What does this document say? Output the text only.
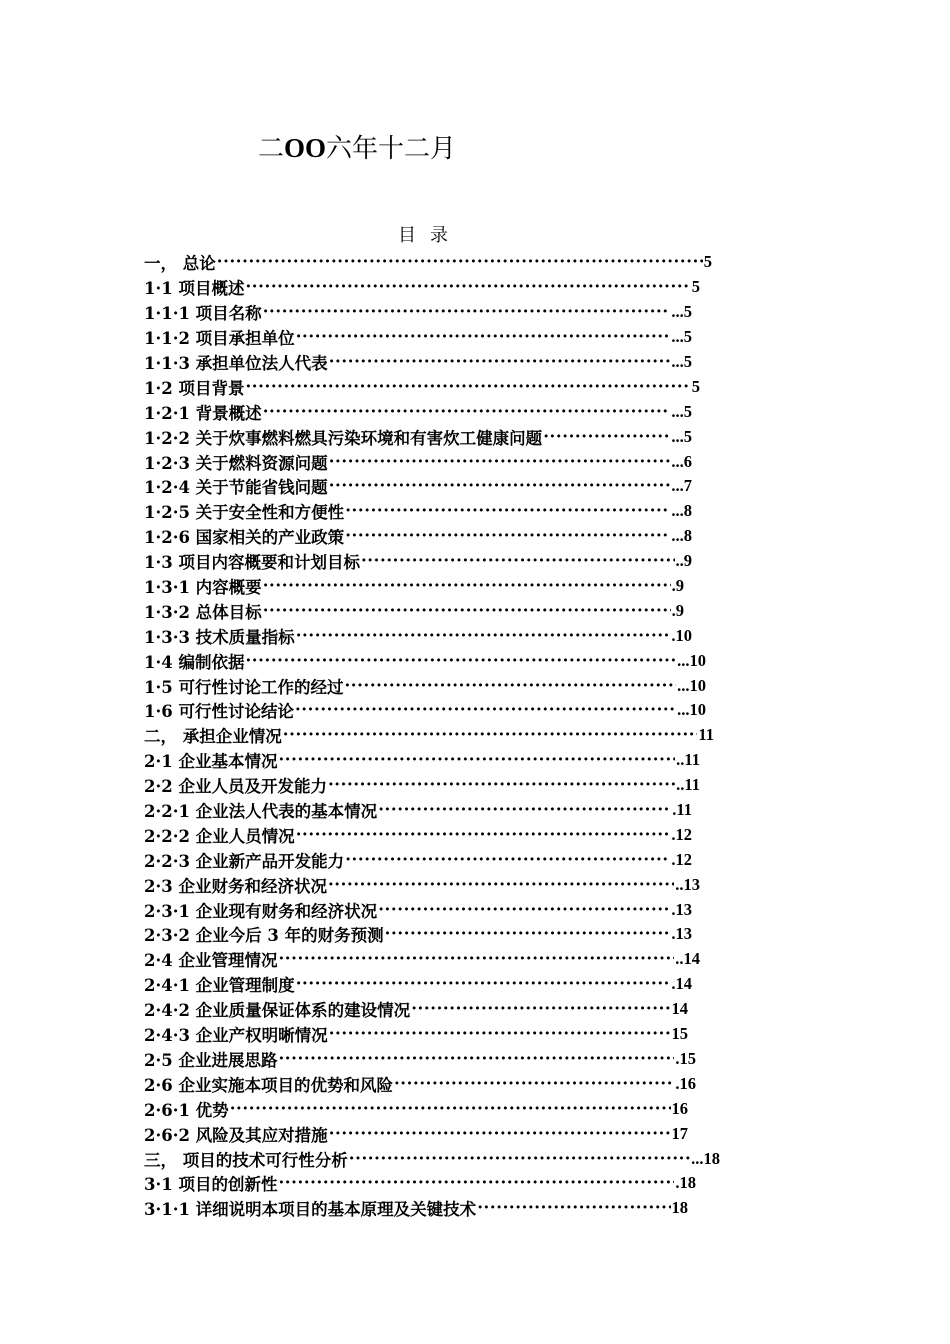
二OO六年十二月
目录
一， 总论 ·····	5
1·1 项目概述 ·····	5
1·1·1 项目名称 ·····	...5
1·1·2 项目承担单位 ·····	...5
1·1·3 承担单位法人代表 ·····	...5
1·2 项目背景 ·····	5
1·2·1 背景概述 ·····	...5
1·2·2 关于炊事燃料燃具污染环境和有害炊工健康问题 ·····	...5
1·2·3 关于燃料资源问题 ·····	...6
1·2·4 关于节能省钱问题 ·····	...7
1·2·5 关于安全性和方便性 ·····	...8
1·2·6 国家相关的产业政策 ·····	...8
1·3 项目内容概要和计划目标 ·····	..9
1·3·1 内容概要 ·····	.9
1·3·2 总体目标 ·····	.9
1·3·3 技术质量指标 ·····	.10
1·4 编制依据 ·····	...10
1·5 可行性讨论工作的经过 ·····	...10
1·6 可行性讨论结论 ·····	...10
二， 承担企业情况 ·····	11
2·1 企业基本情况 ·····	..11
2·2 企业人员及开发能力 ·····	..11
2·2·1 企业法人代表的基本情况 ·····	.11
2·2·2 企业人员情况 ·····	.12
2·2·3 企业新产品开发能力 ·····	.12
2·3 企业财务和经济状况 ·····	..13
2·3·1 企业现有财务和经济状况 ·····	.13
2·3·2 企业今后 3 年的财务预测 ·····	.13
2·4 企业管理情况 ·····	..14
2·4·1 企业管理制度 ·····	.14
2·4·2 企业质量保证体系的建设情况 ·····	14
2·4·3 企业产权明晰情况 ·····	15
2·5 企业进展思路 ·····	.15
2·6 企业实施本项目的优势和风险 ·····	.16
2·6·1 优势 ·····	16
2·6·2 风险及其应对措施 ·····	17
三， 项目的技术可行性分析 ·····	...18
3·1 项目的创新性 ·····	.18
3·1·1 详细说明本项目的基本原理及关键技术 ·····	18
